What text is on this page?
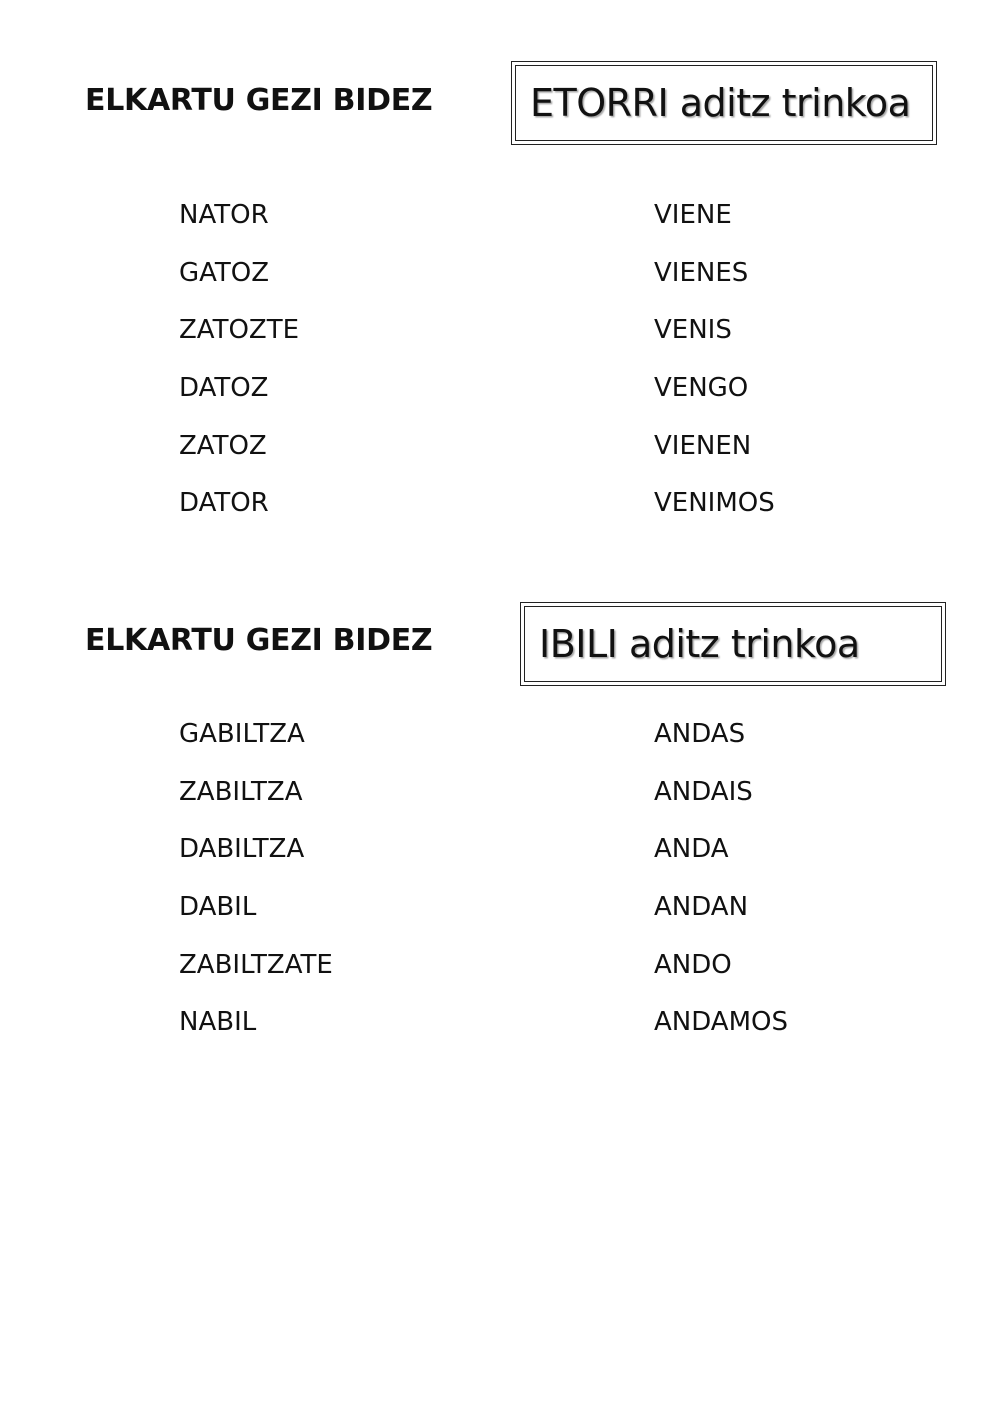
ELKARTU GEZI BIDEZ	ETORRI aditz trinkoa
NATOR
GATOZ
ZATOZTE
DATOZ
ZATOZ
DATOR
VIENE
VIENES
VENIS
VENGO
VIENEN
VENIMOS
ELKARTU GEZI BIDEZ	IBILI aditz trinkoa
GABILTZA
ZABILTZA
DABILTZA
DABIL
ZABILTZATE
NABIL
ANDAS
ANDAIS
ANDA
ANDAN
ANDO
ANDAMOS
